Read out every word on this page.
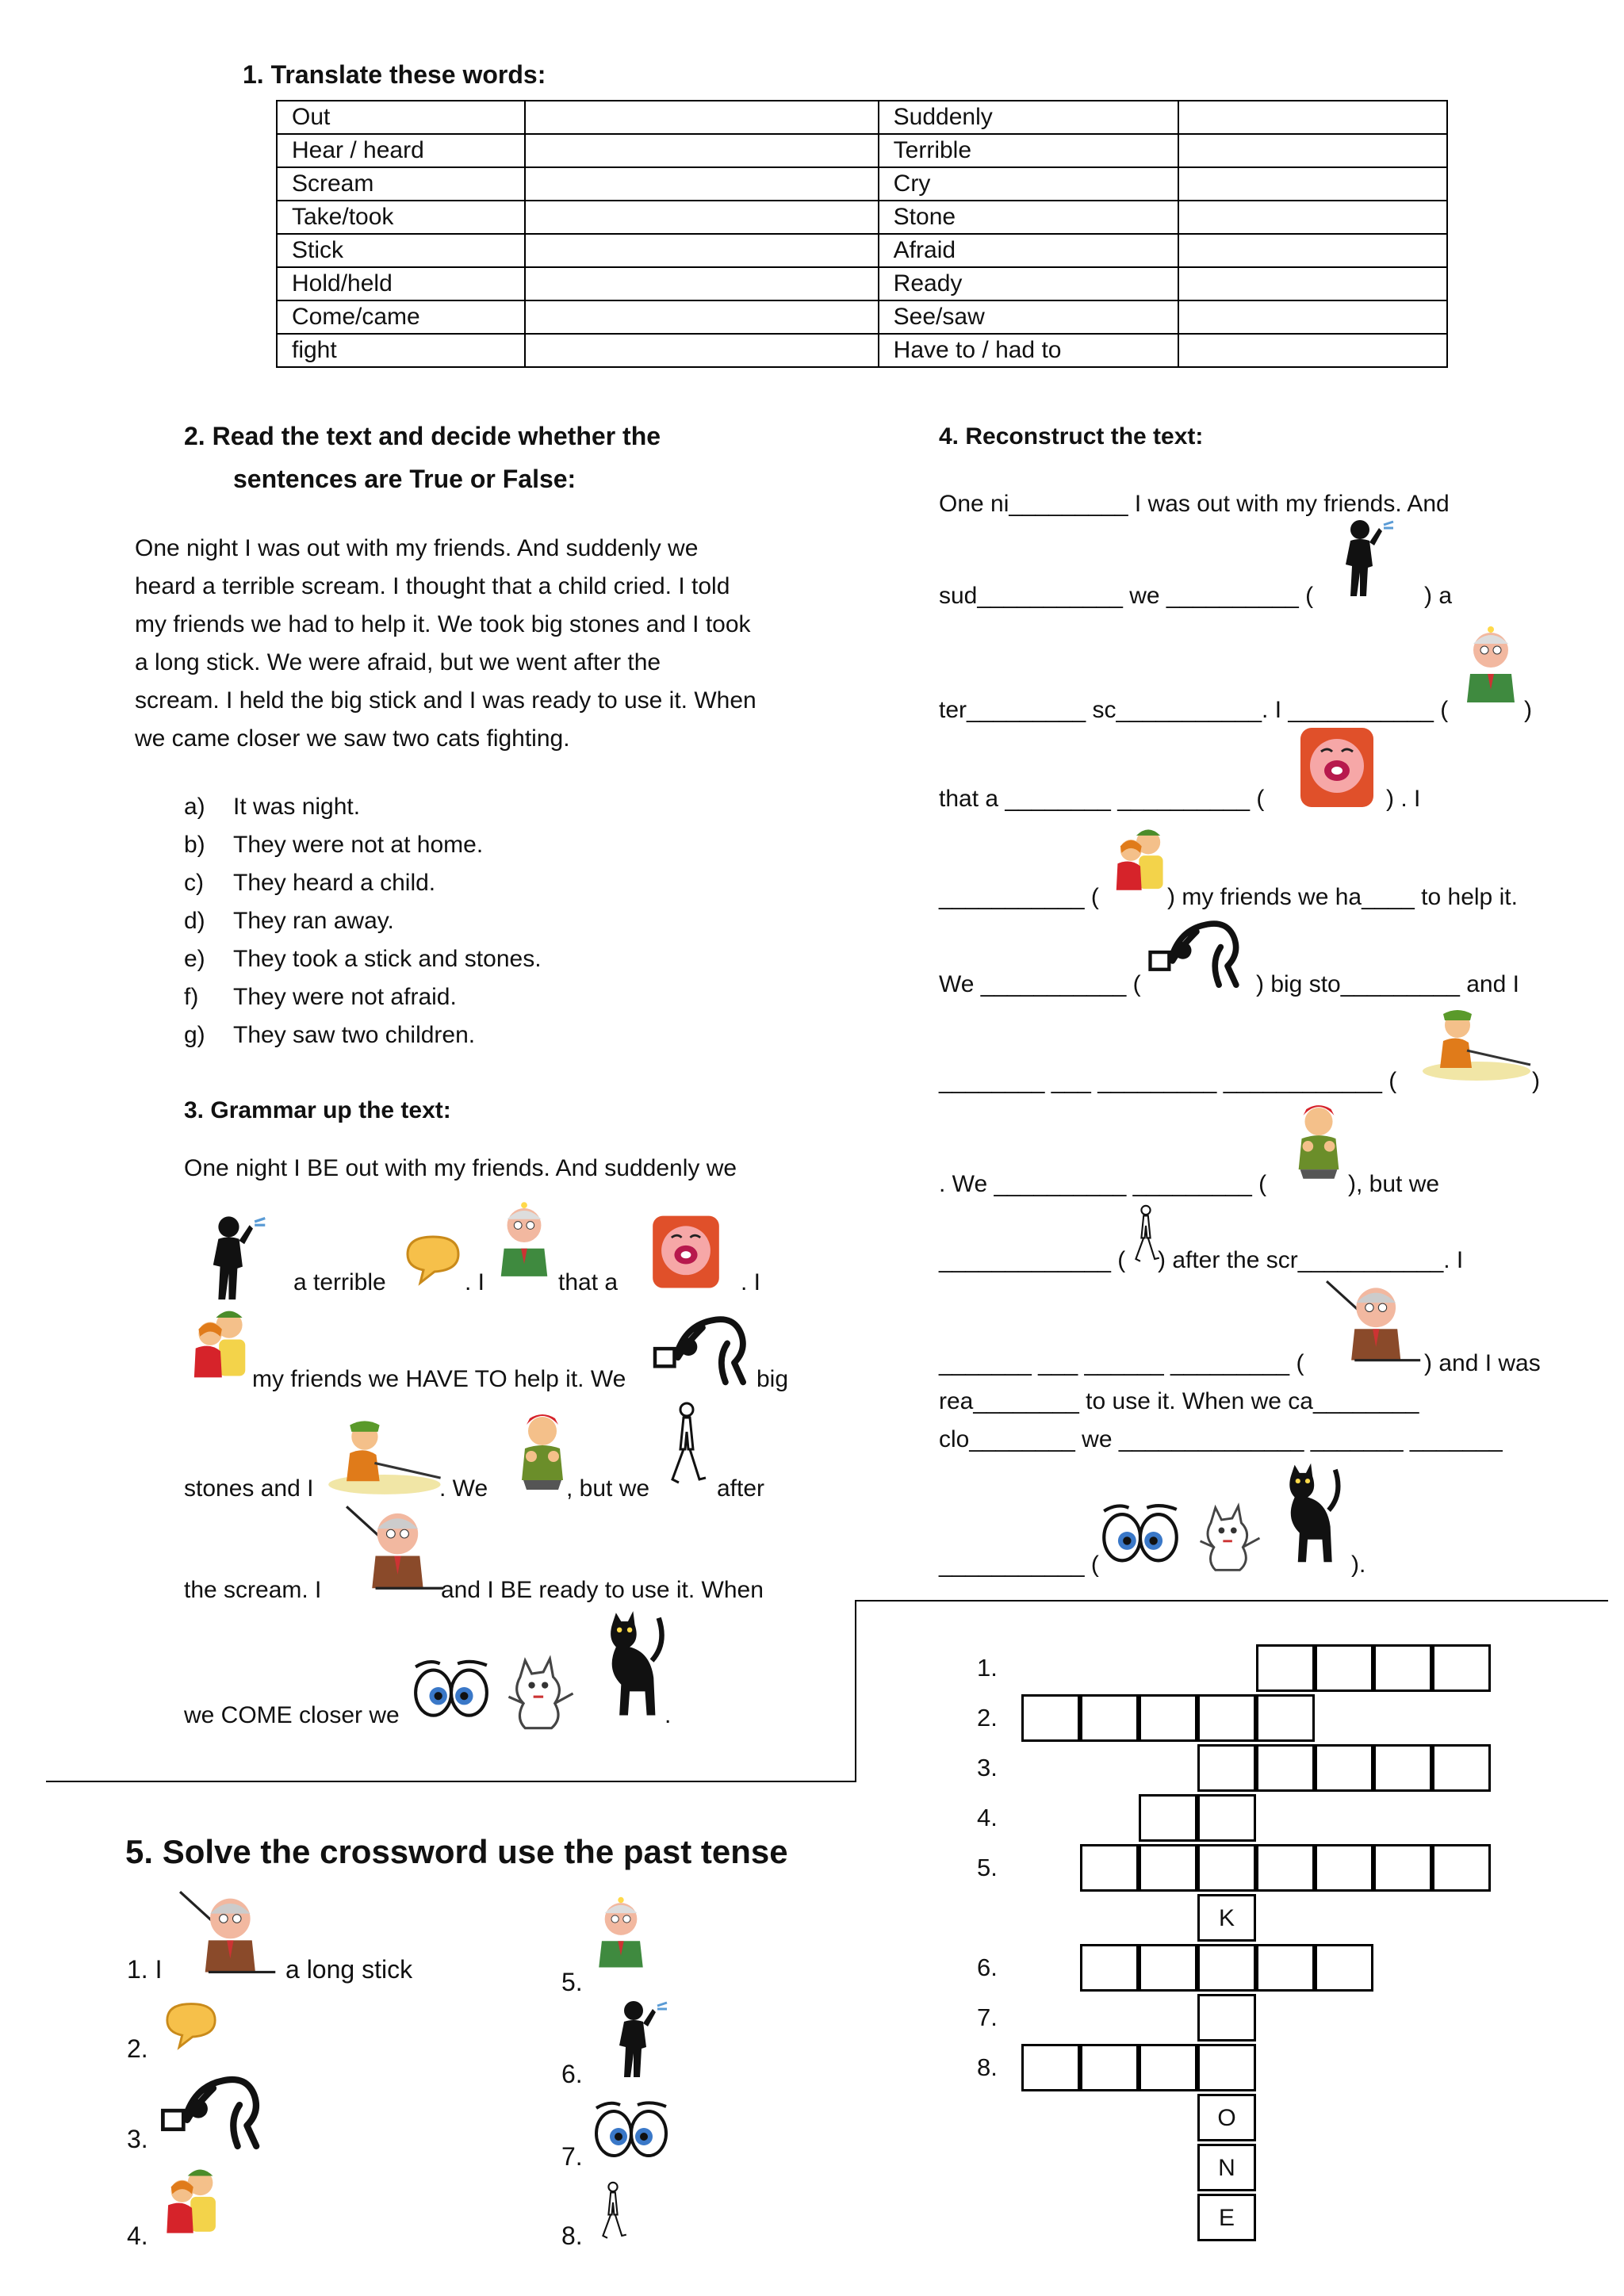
1. Translate these words:
Out		Suddenly	
Hear / heard		Terrible	
Scream		Cry	
Take/took		Stone	
Stick		Afraid	
Hold/held		Ready	
Come/came		See/saw	
fight		Have to / had to	
2. Read the text and decide whether the
sentences are True or False:
One night I was out with my friends. And suddenly we
heard a terrible scream. I thought that a child cried. I told
my friends we had to help it. We took big stones and I took
a long stick. We were afraid, but we went after the
scream. I held the big stick and I was ready to use it. When
we came closer we saw two cats fighting.
a) It was night.
b) They were not at home.
c) They heard a child.
d) They ran away.
e) They took a stick and stones.
f) They were not afraid.
g) They saw two children.
3. Grammar up the text:
One night I BE out with my friends. And suddenly we
a terrible	. I	that a	. I
my friends we HAVE TO help it. We	big
stones and I	. We	, but we	after
the scream. I	and I BE ready to use it. When
we COME closer we	.
4. Reconstruct the text:
One ni_________ I was out with my friends. And
sud___________ we __________ (	) a
ter_________ sc___________. I ___________ (	)
that a ________ __________ (	) . I
___________ (	) my friends we ha____ to help it.
We ___________ (	) big sto_________ and I
________ ___ _________ ____________ (	)
. We __________ _________ (	), but we
_____________ ( ) after the scr___________. I
_______ ___ ______ _________ (	) and I was
rea________ to use it. When we ca________
clo________ we ______________ _______ _______
___________ (	).
5. Solve the crossword use the past tense
1. I	a long stick
2.
3.
4.
5.
6.
7.
8.
K
O
N
E
1.
2.
3.
4.
5.
6.
7.
8.
